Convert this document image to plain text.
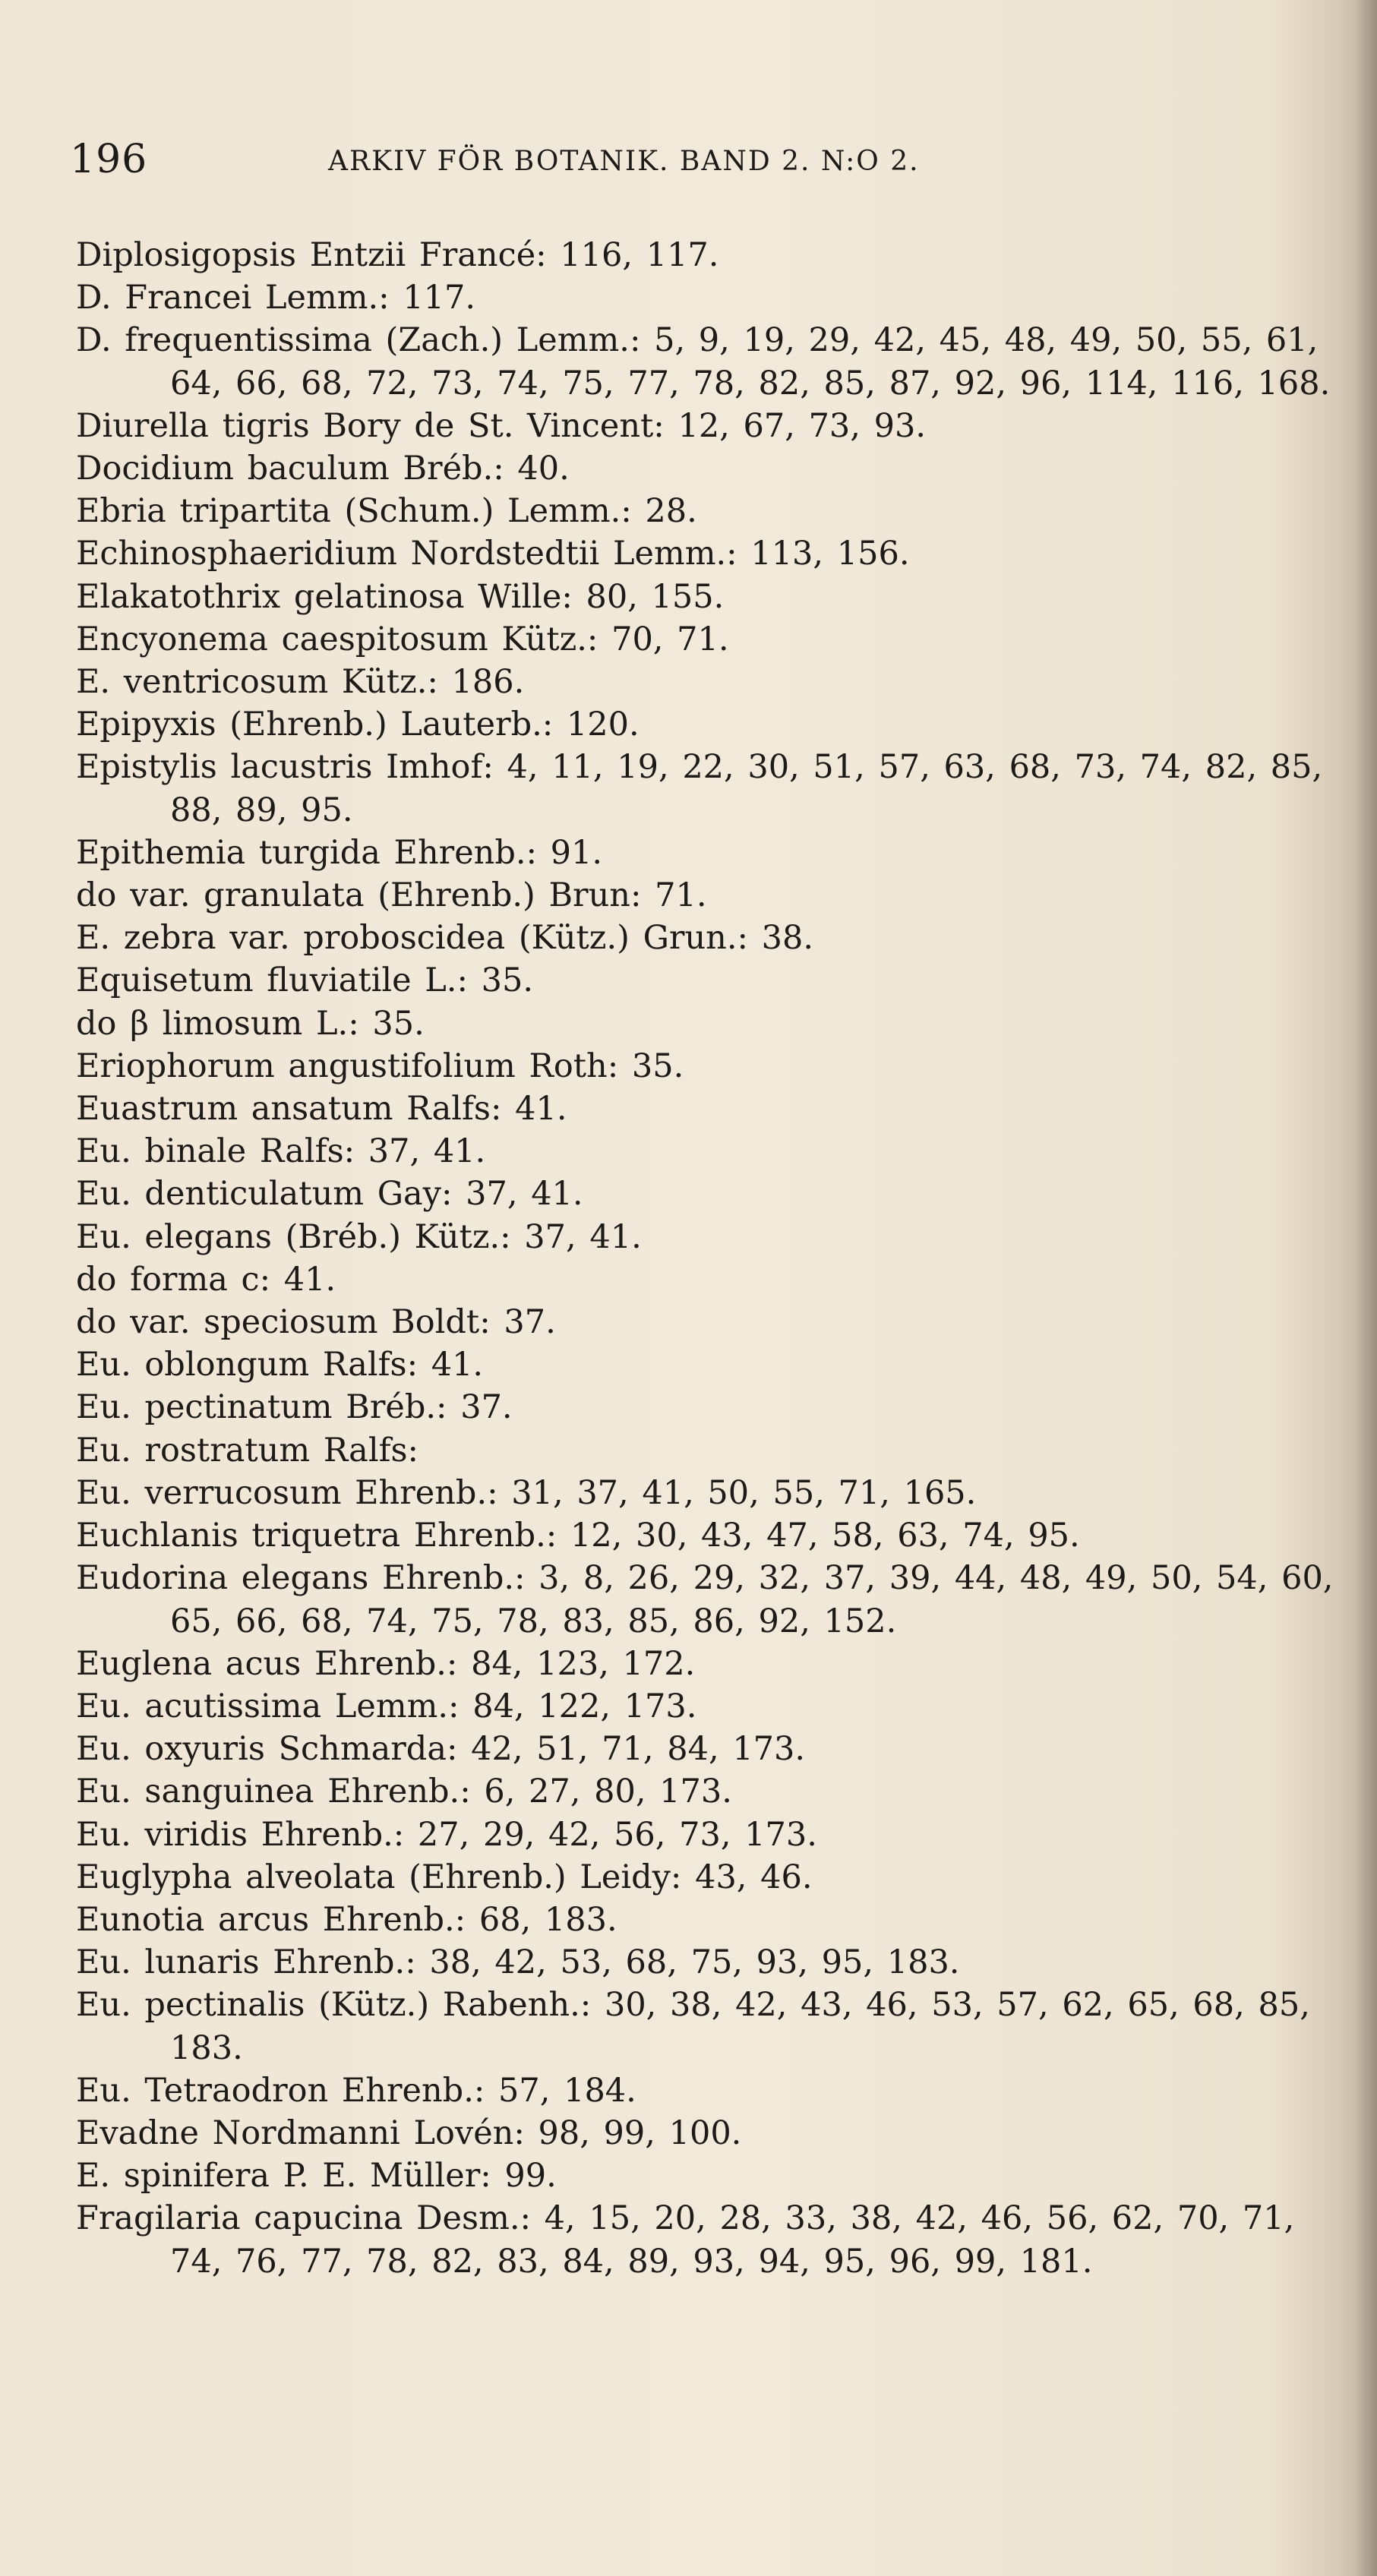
196	ARKIV FÖR BOTANIK. BAND 2. N:O 2.
Diplosigopsis Entzii Francé: 116, 117.
D. Francei Lemm.: 117.
D. frequentissima (Zach.) Lemm.: 5, 9, 19, 29, 42, 45, 48, 49, 50, 55, 61, 64, 66, 68, 72, 73, 74, 75, 77, 78, 82, 85, 87, 92, 96, 114, 116, 168.
Diurella tigris Bory de St. Vincent: 12, 67, 73, 93.
Docidium baculum Bréb.: 40.
Ebria tripartita (Schum.) Lemm.: 28.
Echinosphaeridium Nordstedtii Lemm.: 113, 156.
Elakatothrix gelatinosa Wille: 80, 155.
Encyonema caespitosum Kütz.: 70, 71.
E. ventricosum Kütz.: 186.
Epipyxis (Ehrenb.) Lauterb.: 120.
Epistylis lacustris Imhof: 4, 11, 19, 22, 30, 51, 57, 63, 68, 73, 74, 82, 85, 88, 89, 95.
Epithemia turgida Ehrenb.: 91.
do var. granulata (Ehrenb.) Brun: 71.
E. zebra var. proboscidea (Kütz.) Grun.: 38.
Equisetum fluviatile L.: 35.
do β limosum L.: 35.
Eriophorum angustifolium Roth: 35.
Euastrum ansatum Ralfs: 41.
Eu. binale Ralfs: 37, 41.
Eu. denticulatum Gay: 37, 41.
Eu. elegans (Bréb.) Kütz.: 37, 41.
do forma c: 41.
do var. speciosum Boldt: 37.
Eu. oblongum Ralfs: 41.
Eu. pectinatum Bréb.: 37.
Eu. rostratum Ralfs:
Eu. verrucosum Ehrenb.: 31, 37, 41, 50, 55, 71, 165.
Euchlanis triquetra Ehrenb.: 12, 30, 43, 47, 58, 63, 74, 95.
Eudorina elegans Ehrenb.: 3, 8, 26, 29, 32, 37, 39, 44, 48, 49, 50, 54, 60, 65, 66, 68, 74, 75, 78, 83, 85, 86, 92, 152.
Euglena acus Ehrenb.: 84, 123, 172.
Eu. acutissima Lemm.: 84, 122, 173.
Eu. oxyuris Schmarda: 42, 51, 71, 84, 173.
Eu. sanguinea Ehrenb.: 6, 27, 80, 173.
Eu. viridis Ehrenb.: 27, 29, 42, 56, 73, 173.
Euglypha alveolata (Ehrenb.) Leidy: 43, 46.
Eunotia arcus Ehrenb.: 68, 183.
Eu. lunaris Ehrenb.: 38, 42, 53, 68, 75, 93, 95, 183.
Eu. pectinalis (Kütz.) Rabenh.: 30, 38, 42, 43, 46, 53, 57, 62, 65, 68, 85, 183.
Eu. Tetraodron Ehrenb.: 57, 184.
Evadne Nordmanni Lovén: 98, 99, 100.
E. spinifera P. E. Müller: 99.
Fragilaria capucina Desm.: 4, 15, 20, 28, 33, 38, 42, 46, 56, 62, 70, 71, 74, 76, 77, 78, 82, 83, 84, 89, 93, 94, 95, 96, 99, 181.
